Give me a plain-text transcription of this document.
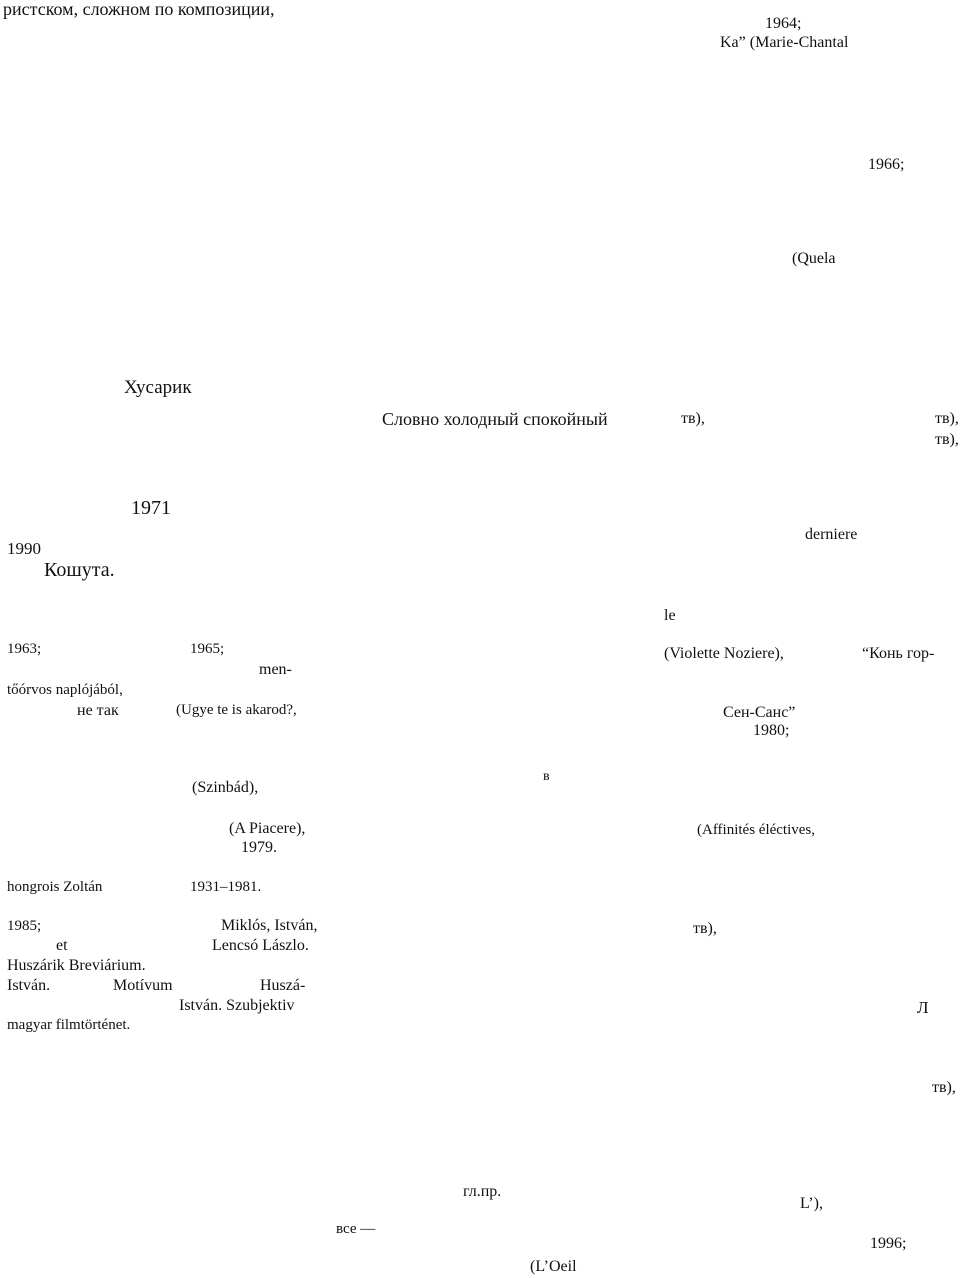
ристском, сложном по композиции,
1964;
Ka” (Marie-Chantal
1966;
(Quela
Хусарик
Словно холодный спокойный	тв),	тв),
тв),
1971
derniere
1990
Кошута.
le
1963;	1965;	(Violette Noziere),	“Конь гор-
men-
tőórvos naplójából,
не так	(Ugye te is akarod?,	Сен-Санс”
1980;
в
(Szinbád),
(A Piacere),	(Affinités éléctives,
1979.
hongrois Zoltán	1931–1981.
1985;	Miklós, István,	тв),
et	Lencsó Lászlo.
Huszárik Breviárium.
István.	Motívum	Huszá-
István. Szubjektiv	Л
magyar filmtörténet.
тв),
гл.пр.
L’),
все —
1996;
(L’Oeil
